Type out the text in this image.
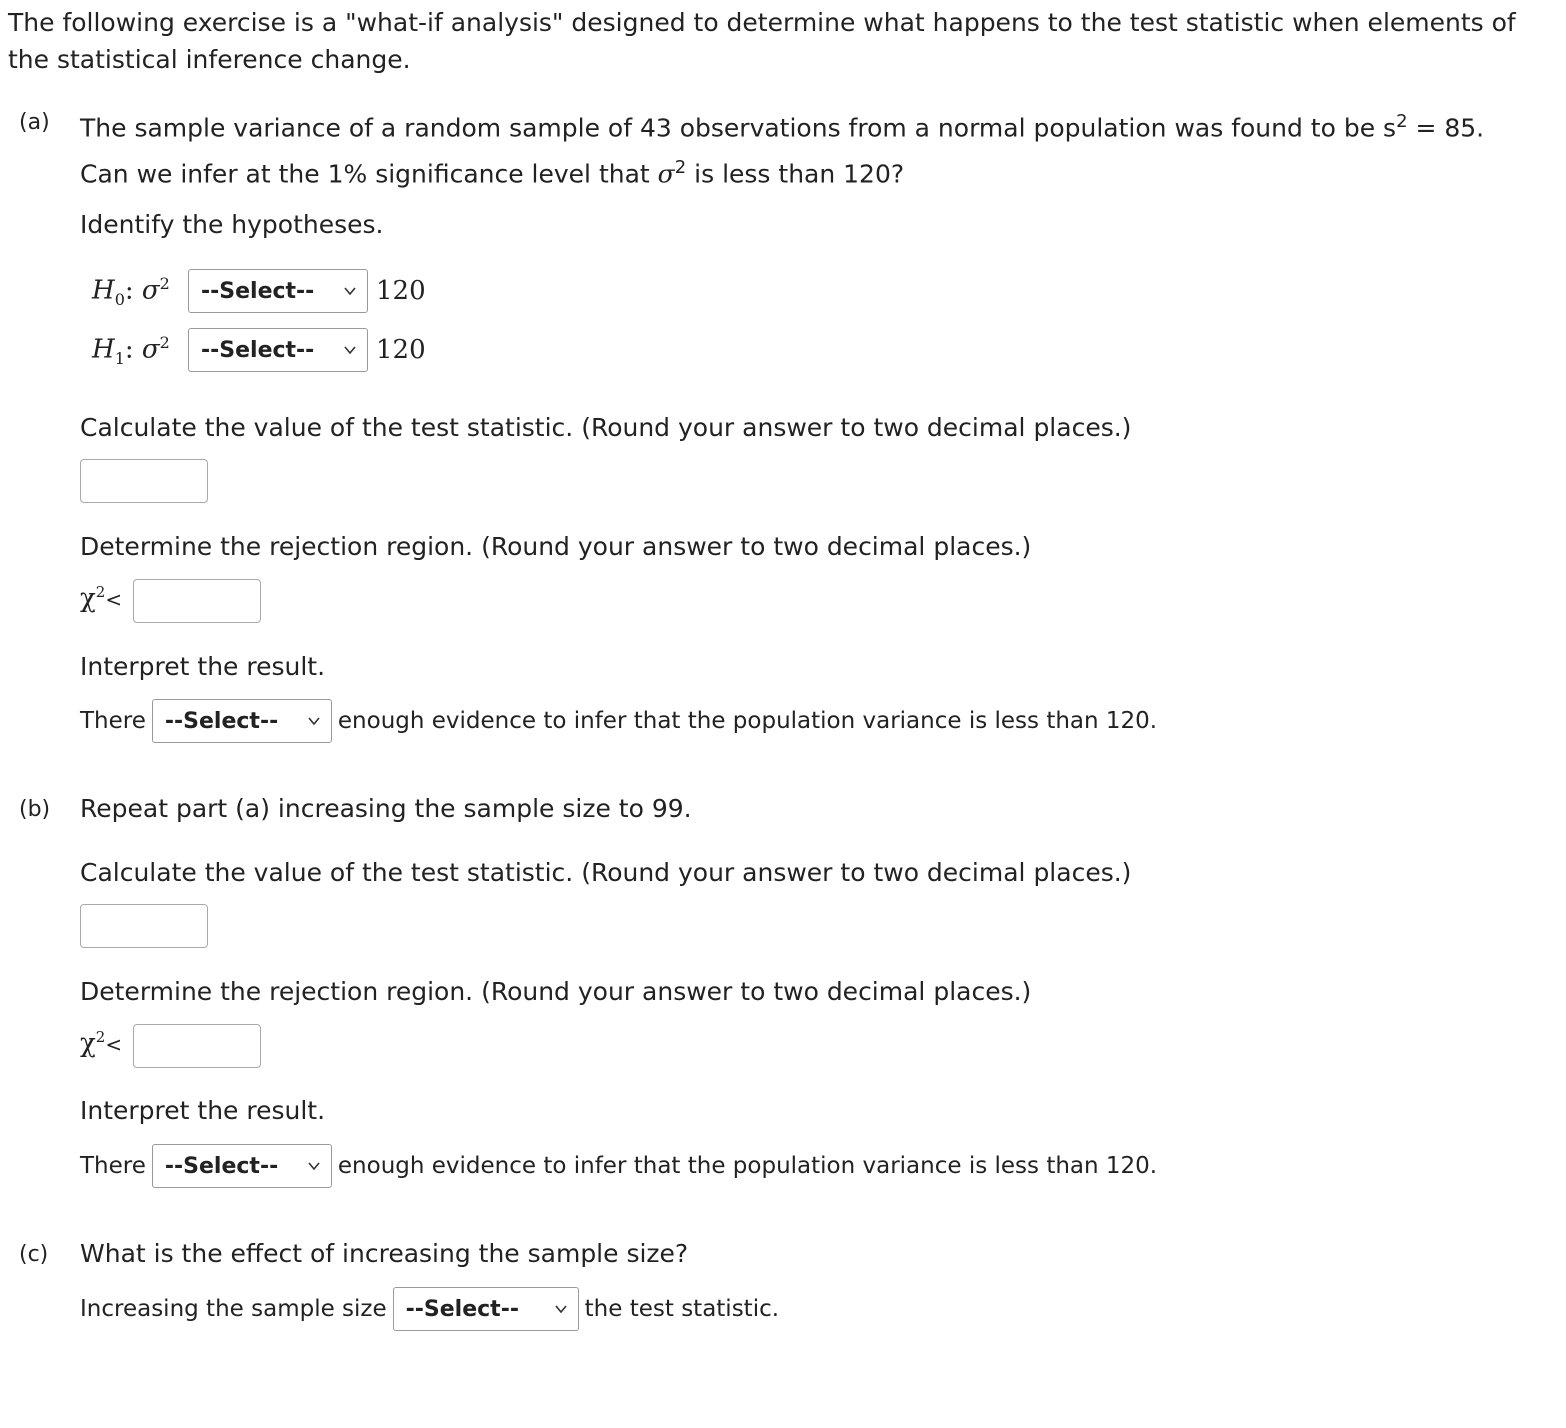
The following exercise is a "what-if analysis" designed to determine what happens to the test statistic when elements of the statistical inference change.

(a) The sample variance of a random sample of 43 observations from a normal population was found to be $s^2 = 85$. Can we infer at the 1% significance level that $\sigma^2$ is less than 120?
Identify the hypotheses.
$H_0$: $\sigma^2$	--Select-- 120
$H_1$: $\sigma^2$	--Select-- 120
Calculate the value of the test statistic. (Round your answer to two decimal places.)
Determine the rejection region. (Round your answer to two decimal places.)
$\chi^2<$
Interpret the result.
There --Select--	enough evidence to infer that the population variance is less than 120.
(b) Repeat part (a) increasing the sample size to 99.
Calculate the value of the test statistic. (Round your answer to two decimal places.)
Determine the rejection region. (Round your answer to two decimal places.)
$\chi^2<$
Interpret the result.
There --Select--	enough evidence to infer that the population variance is less than 120.
(c) What is the effect of increasing the sample size?
Increasing the sample size --Select--	the test statistic.
